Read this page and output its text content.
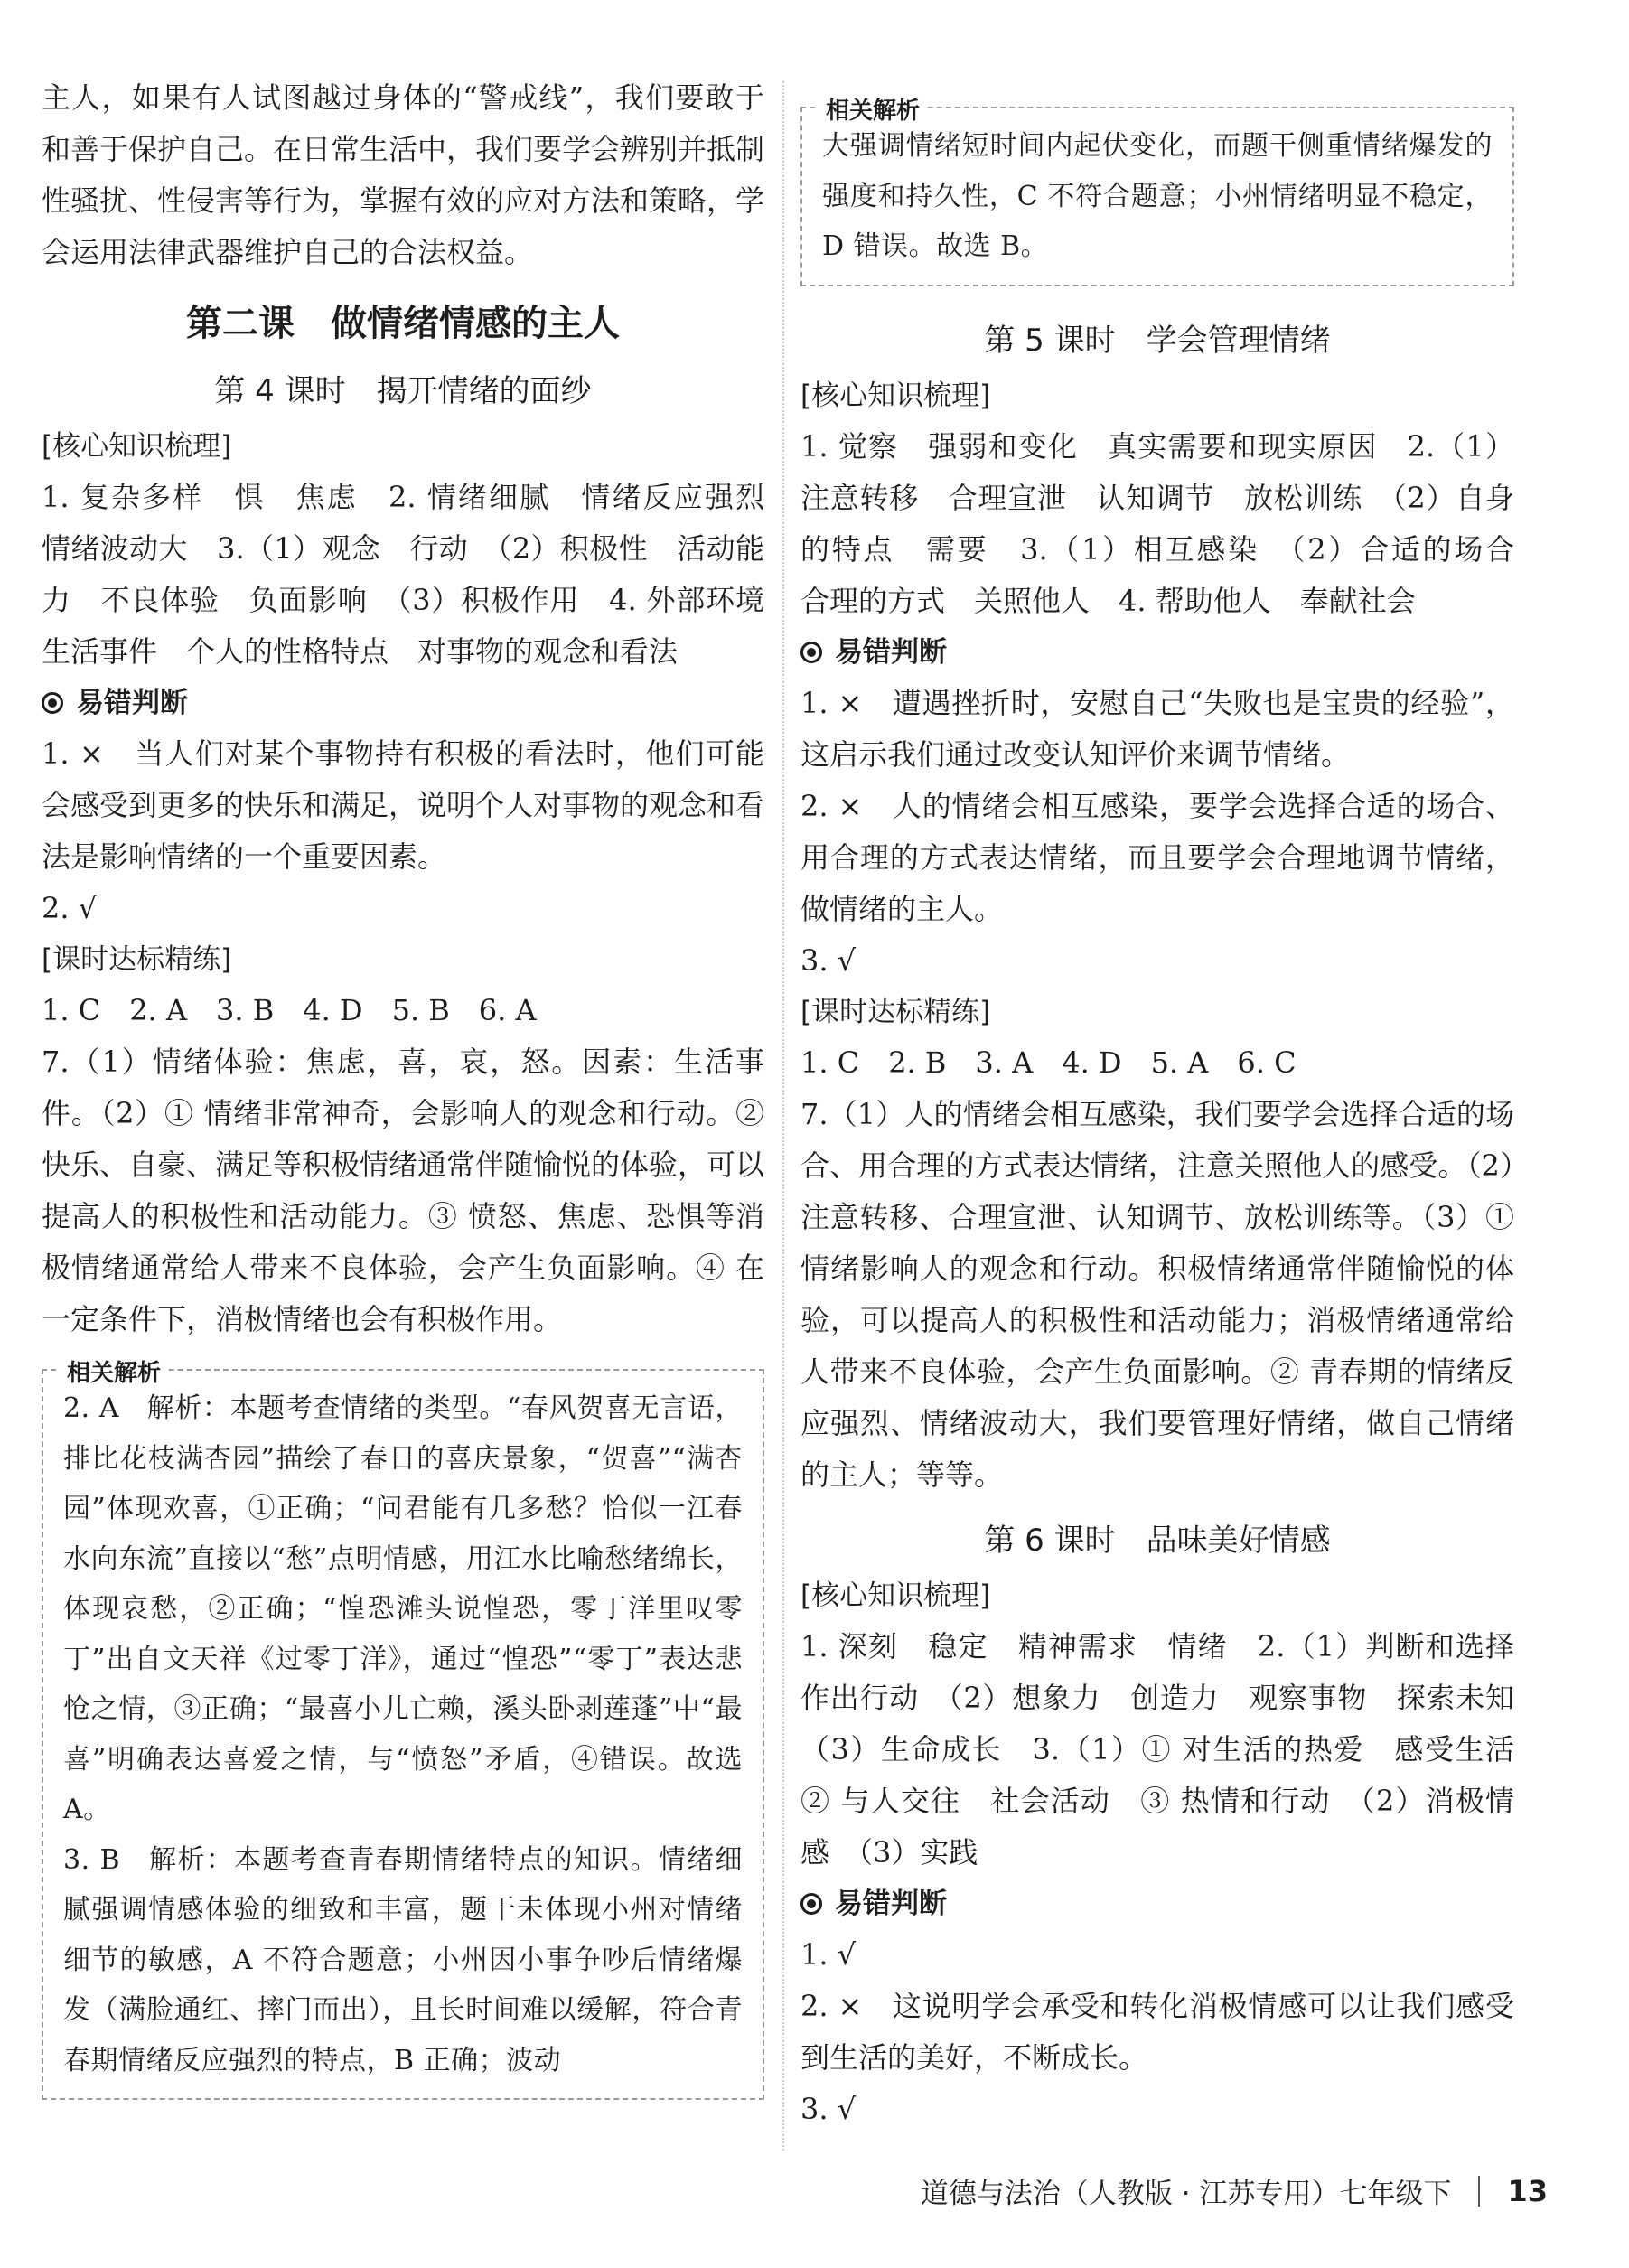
主人，如果有人试图越过身体的“警戒线”，我们要敢于和善于保护自己。在日常生活中，我们要学会辨别并抵制性骚扰、性侵害等行为，掌握有效的应对方法和策略，学会运用法律武器维护自己的合法权益。

第二课　做情绪情感的主人

第 4 课时　揭开情绪的面纱

[核心知识梳理]

1. 复杂多样　惧　焦虑　2. 情绪细腻　情绪反应强烈　情绪波动大　3.（1）观念　行动　（2）积极性　活动能力　不良体验　负面影响　（3）积极作用　4. 外部环境　生活事件　个人的性格特点　对事物的观念和看法

易错判断

1. ×　当人们对某个事物持有积极的看法时，他们可能会感受到更多的快乐和满足，说明个人对事物的观念和看法是影响情绪的一个重要因素。

2. √

[课时达标精练]

1. C　2. A　3. B　4. D　5. B　6. A

7.（1）情绪体验：焦虑，喜，哀，怒。因素：生活事件。（2）① 情绪非常神奇，会影响人的观念和行动。② 快乐、自豪、满足等积极情绪通常伴随愉悦的体验，可以提高人的积极性和活动能力。③ 愤怒、焦虑、恐惧等消极情绪通常给人带来不良体验，会产生负面影响。④ 在一定条件下，消极情绪也会有积极作用。

相关解析

2. A　解析：本题考查情绪的类型。“春风贺喜无言语，排比花枝满杏园”描绘了春日的喜庆景象，“贺喜”“满杏园”体现欢喜，①正确；“问君能有几多愁？恰似一江春水向东流”直接以“愁”点明情感，用江水比喻愁绪绵长，体现哀愁，②正确；“惶恐滩头说惶恐，零丁洋里叹零丁”出自文天祥《过零丁洋》，通过“惶恐”“零丁”表达悲怆之情，③正确；“最喜小儿亡赖，溪头卧剥莲蓬”中“最喜”明确表达喜爱之情，与“愤怒”矛盾，④错误。故选 A。

3. B　解析：本题考查青春期情绪特点的知识。情绪细腻强调情感体验的细致和丰富，题干未体现小州对情绪细节的敏感，A 不符合题意；小州因小事争吵后情绪爆发（满脸通红、摔门而出），且长时间难以缓解，符合青春期情绪反应强烈的特点，B 正确；波动

相关解析

大强调情绪短时间内起伏变化，而题干侧重情绪爆发的强度和持久性，C 不符合题意；小州情绪明显不稳定，D 错误。故选 B。

第 5 课时　学会管理情绪

[核心知识梳理]

1. 觉察　强弱和变化　真实需要和现实原因　2.（1）注意转移　合理宣泄　认知调节　放松训练　（2）自身的特点　需要　3.（1）相互感染　（2）合适的场合　合理的方式　关照他人　4. 帮助他人　奉献社会

易错判断

1. ×　遭遇挫折时，安慰自己“失败也是宝贵的经验”，这启示我们通过改变认知评价来调节情绪。

2. ×　人的情绪会相互感染，要学会选择合适的场合、用合理的方式表达情绪，而且要学会合理地调节情绪，做情绪的主人。

3. √

[课时达标精练]

1. C　2. B　3. A　4. D　5. A　6. C

7.（1）人的情绪会相互感染，我们要学会选择合适的场合、用合理的方式表达情绪，注意关照他人的感受。（2）注意转移、合理宣泄、认知调节、放松训练等。（3）① 情绪影响人的观念和行动。积极情绪通常伴随愉悦的体验，可以提高人的积极性和活动能力；消极情绪通常给人带来不良体验，会产生负面影响。② 青春期的情绪反应强烈、情绪波动大，我们要管理好情绪，做自己情绪的主人；等等。

第 6 课时　品味美好情感

[核心知识梳理]

1. 深刻　稳定　精神需求　情绪　2.（1）判断和选择　作出行动　（2）想象力　创造力　观察事物　探索未知　（3）生命成长　3.（1）① 对生活的热爱　感受生活　② 与人交往　社会活动　③ 热情和行动　（2）消极情感　（3）实践

易错判断

1. √

2. ×　这说明学会承受和转化消极情感可以让我们感受到生活的美好，不断成长。

3. √

道德与法治（人教版 · 江苏专用）七年级下 13
